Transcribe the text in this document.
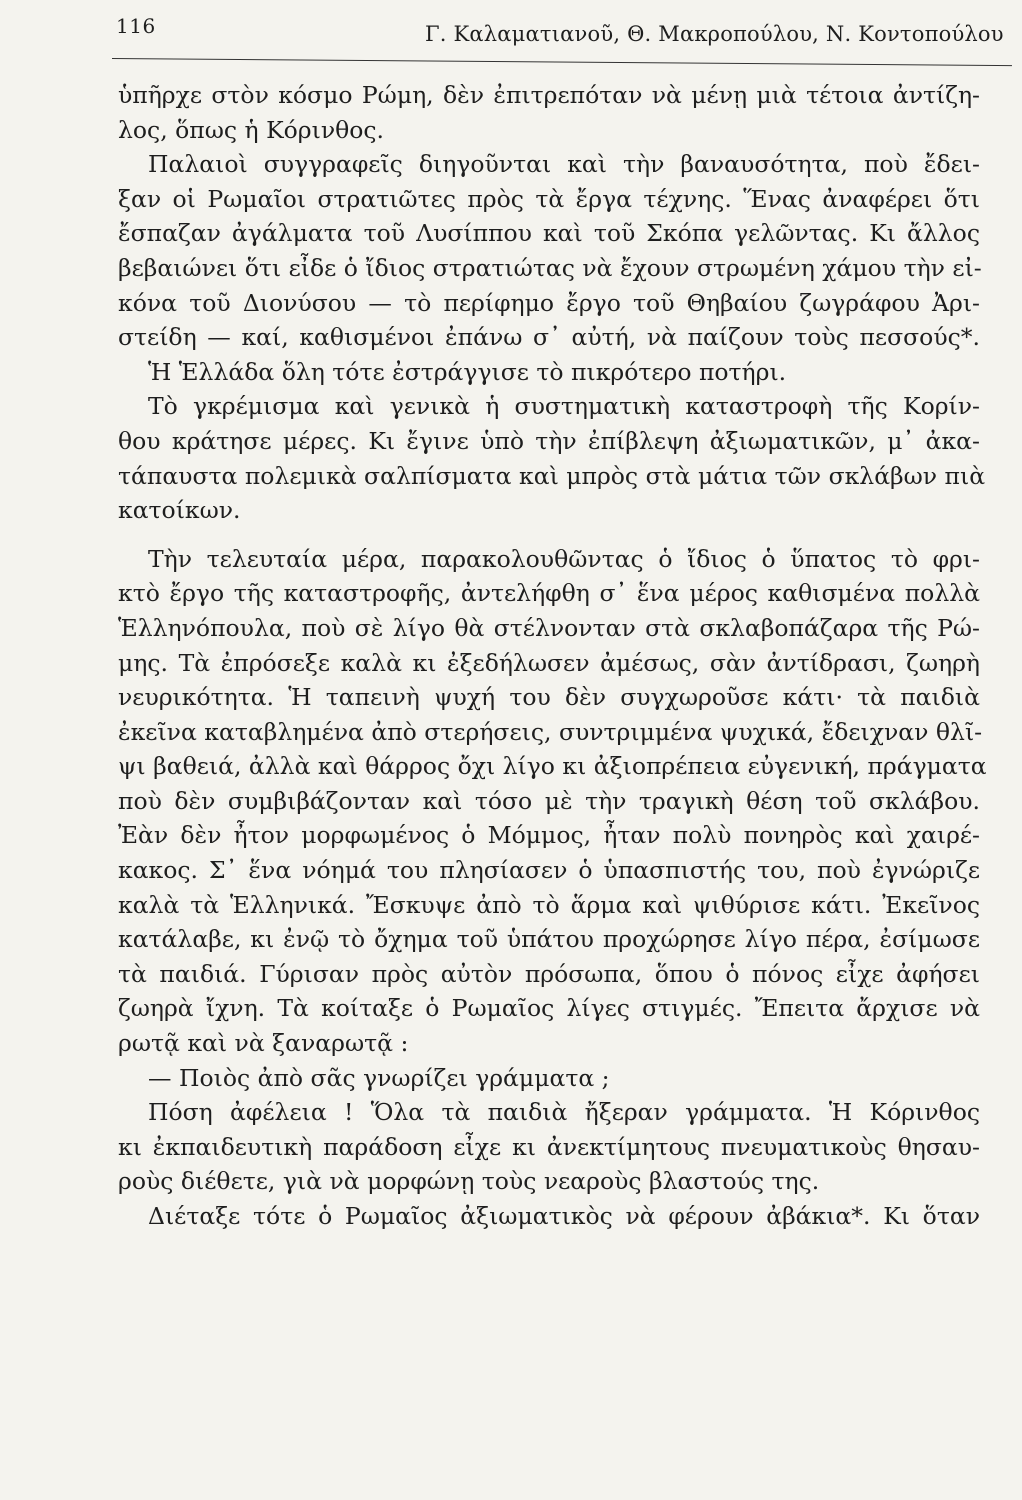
116	Γ. Καλαματιανοῦ, Θ. Μακροπούλου, Ν. Κοντοπούλου

ὑπῆρχε στὸν κόσμο Ρώμη, δὲν ἐπιτρεπόταν νὰ μένῃ μιὰ τέτοια ἀντίζη-
λος, ὅπως ἡ Κόρινθος.

Παλαιοὶ συγγραφεῖς διηγοῦνται καὶ τὴν βαναυσότητα, ποὺ ἔδει-
ξαν οἱ Ρωμαῖοι στρατιῶτες πρὸς τὰ ἔργα τέχνης. Ἕνας ἀναφέρει ὅτι
ἔσπαζαν ἀγάλματα τοῦ Λυσίππου καὶ τοῦ Σκόπα γελῶντας. Κι ἄλλος
βεβαιώνει ὅτι εἶδε ὁ ἴδιος στρατιώτας νὰ ἔχουν στρωμένη χάμου τὴν εἰ-
κόνα τοῦ Διονύσου — τὸ περίφημο ἔργο τοῦ Θηβαίου ζωγράφου Ἀρι-
στείδη — καί, καθισμένοι ἐπάνω σ᾽ αὐτή, νὰ παίζουν τοὺς πεσσούς*.

Ἡ Ἑλλάδα ὅλη τότε ἐστράγγισε τὸ πικρότερο ποτήρι.

Τὸ γκρέμισμα καὶ γενικὰ ἡ συστηματικὴ καταστροφὴ τῆς Κορίν-
θου κράτησε μέρες. Κι ἔγινε ὑπὸ τὴν ἐπίβλεψη ἀξιωματικῶν, μ᾽ ἀκα-
τάπαυστα πολεμικὰ σαλπίσματα καὶ μπρὸς στὰ μάτια τῶν σκλάβων πιὰ
κατοίκων.

Τὴν τελευταία μέρα, παρακολουθῶντας ὁ ἴδιος ὁ ὕπατος τὸ φρι-
κτὸ ἔργο τῆς καταστροφῆς, ἀντελήφθη σ᾽ ἕνα μέρος καθισμένα πολλὰ
Ἑλληνόπουλα, ποὺ σὲ λίγο θὰ στέλνονταν στὰ σκλαβοπάζαρα τῆς Ρώ-
μης. Τὰ ἐπρόσεξε καλὰ κι ἐξεδήλωσεν ἀμέσως, σὰν ἀντίδρασι, ζωηρὴ
νευρικότητα. Ἡ ταπεινὴ ψυχή του δὲν συγχωροῦσε κάτι· τὰ παιδιὰ
ἐκεῖνα καταβλημένα ἀπὸ στερήσεις, συντριμμένα ψυχικά, ἔδειχναν θλῖ-
ψι βαθειά, ἀλλὰ καὶ θάρρος ὄχι λίγο κι ἀξιοπρέπεια εὐγενική, πράγματα
ποὺ δὲν συμβιβάζονταν καὶ τόσο μὲ τὴν τραγικὴ θέση τοῦ σκλάβου.
Ἐὰν δὲν ἦτον μορφωμένος ὁ Μόμμος, ἦταν πολὺ πονηρὸς καὶ χαιρέ-
κακος. Σ᾽ ἕνα νόημά του πλησίασεν ὁ ὑπασπιστής του, ποὺ ἐγνώριζε
καλὰ τὰ Ἑλληνικά. Ἔσκυψε ἀπὸ τὸ ἅρμα καὶ ψιθύρισε κάτι. Ἐκεῖνος
κατάλαβε, κι ἐνῷ τὸ ὄχημα τοῦ ὑπάτου προχώρησε λίγο πέρα, ἐσίμωσε
τὰ παιδιά. Γύρισαν πρὸς αὐτὸν πρόσωπα, ὅπου ὁ πόνος εἶχε ἀφήσει
ζωηρὰ ἴχνη. Τὰ κοίταξε ὁ Ρωμαῖος λίγες στιγμές. Ἔπειτα ἄρχισε νὰ
ρωτᾷ καὶ νὰ ξαναρωτᾷ :

— Ποιὸς ἀπὸ σᾶς γνωρίζει γράμματα ;

Πόση ἀφέλεια ! Ὅλα τὰ παιδιὰ ἤξεραν γράμματα. Ἡ Κόρινθος
κι ἐκπαιδευτικὴ παράδοση εἶχε κι ἀνεκτίμητους πνευματικοὺς θησαυ-
ροὺς διέθετε, γιὰ νὰ μορφώνῃ τοὺς νεαροὺς βλαστούς της.

Διέταξε τότε ὁ Ρωμαῖος ἀξιωματικὸς νὰ φέρουν ἀβάκια*. Κι ὅταν
